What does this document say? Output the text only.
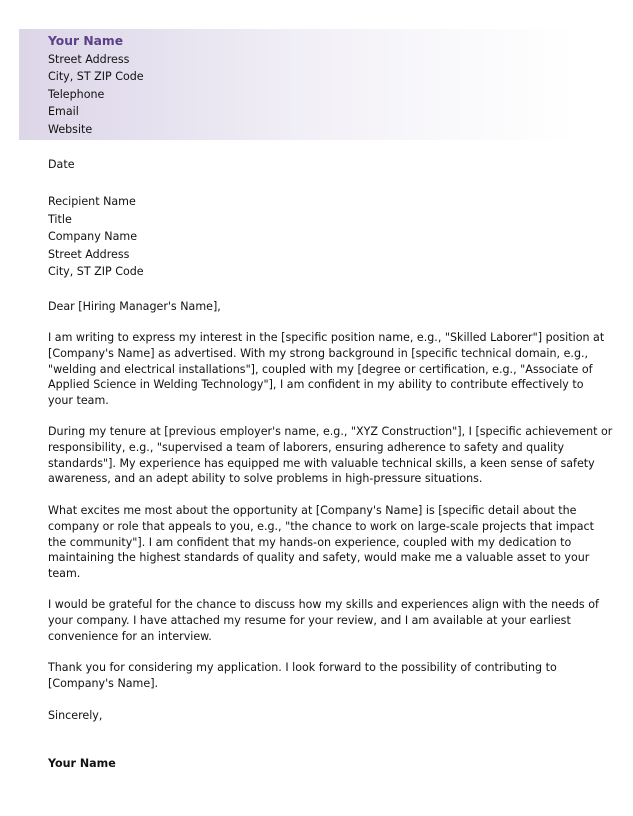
Your Name
Street Address
City, ST ZIP Code
Telephone
Email
Website
Date
Recipient Name
Title
Company Name
Street Address
City, ST ZIP Code
Dear [Hiring Manager's Name],

I am writing to express my interest in the [specific position name, e.g., "Skilled Laborer"] position at
[Company's Name] as advertised. With my strong background in [specific technical domain, e.g.,
"welding and electrical installations"], coupled with my [degree or certification, e.g., "Associate of
Applied Science in Welding Technology"], I am confident in my ability to contribute effectively to
your team.

During my tenure at [previous employer's name, e.g., "XYZ Construction"], I [specific achievement or
responsibility, e.g., "supervised a team of laborers, ensuring adherence to safety and quality
standards"]. My experience has equipped me with valuable technical skills, a keen sense of safety
awareness, and an adept ability to solve problems in high-pressure situations.

What excites me most about the opportunity at [Company's Name] is [specific detail about the
company or role that appeals to you, e.g., "the chance to work on large-scale projects that impact
the community"]. I am confident that my hands-on experience, coupled with my dedication to
maintaining the highest standards of quality and safety, would make me a valuable asset to your
team.

I would be grateful for the chance to discuss how my skills and experiences align with the needs of
your company. I have attached my resume for your review, and I am available at your earliest
convenience for an interview.

Thank you for considering my application. I look forward to the possibility of contributing to
[Company's Name].

Sincerely,
Your Name
